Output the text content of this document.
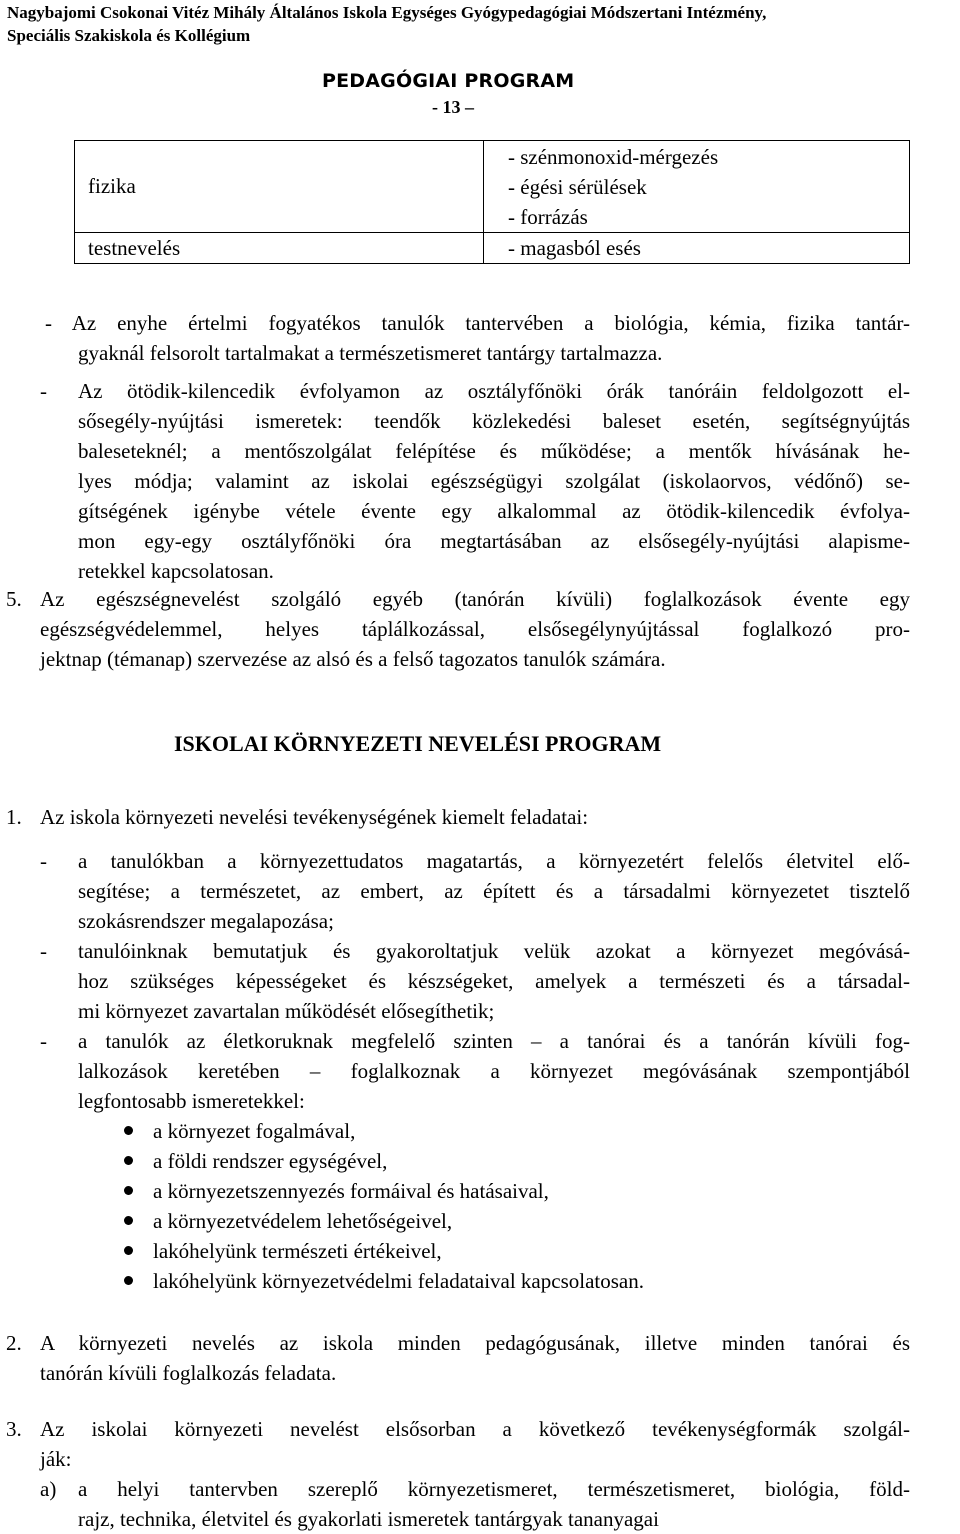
Nagybajomi Csokonai Vitéz Mihály Általános Iskola Egységes Gyógypedagógiai Módszertani Intézmény,
Speciális Szakiskola és Kollégium
PEDAGÓGIAI PROGRAM
- 13 –
fizika	- szénmonoxid-mérgezés
- égési sérülések
- forrázás

testnevelés	- magasból esés
- Az enyhe értelmi fogyatékos tanulók tantervében a biológia, kémia, fizika tantár-
gyaknál felsorolt tartalmakat a természetismeret tantárgy tartalmazza.
- Az ötödik-kilencedik évfolyamon az osztályfőnöki órák tanóráin feldolgozott el-
sősegély-nyújtási ismeretek: teendők közlekedési baleset esetén, segítségnyújtás
baleseteknél; a mentőszolgálat felépítése és működése; a mentők hívásának he-
lyes módja; valamint az iskolai egészségügyi szolgálat (iskolaorvos, védőnő) se-
gítségének igénybe vétele évente egy alkalommal az ötödik-kilencedik évfolya-
mon egy-egy osztályfőnöki óra megtartásában az elsősegély-nyújtási alapisme-
retekkel kapcsolatosan.
5. Az egészségnevelést szolgáló egyéb (tanórán kívüli) foglalkozások évente egy
egészségvédelemmel, helyes táplálkozással, elsősegélynyújtással foglalkozó pro-
jektnap (témanap) szervezése az alsó és a felső tagozatos tanulók számára.
ISKOLAI KÖRNYEZETI NEVELÉSI PROGRAM
1. Az iskola környezeti nevelési tevékenységének kiemelt feladatai:
- a tanulókban a környezettudatos magatartás, a környezetért felelős életvitel elő-
segítése; a természetet, az embert, az épített és a társadalmi környezetet tisztelő
szokásrendszer megalapozása;
- tanulóinknak bemutatjuk és gyakoroltatjuk velük azokat a környezet megóvásá-
hoz szükséges képességeket és készségeket, amelyek a természeti és a társadal-
mi környezet zavartalan működését elősegíthetik;
- a tanulók az életkoruknak megfelelő szinten – a tanórai és a tanórán kívüli fog-
lalkozások keretében – foglalkoznak a környezet megóvásának szempontjából
legfontosabb ismeretekkel:
a környezet fogalmával,
a földi rendszer egységével,
a környezetszennyezés formáival és hatásaival,
a környezetvédelem lehetőségeivel,
lakóhelyünk természeti értékeivel,
lakóhelyünk környezetvédelmi feladataival kapcsolatosan.
2. A környezeti nevelés az iskola minden pedagógusának, illetve minden tanórai és
tanórán kívüli foglalkozás feladata.
3. Az iskolai környezeti nevelést elsősorban a következő tevékenységformák szolgál-
ják:
a) a helyi tantervben szereplő környezetismeret, természetismeret, biológia, föld-
rajz, technika, életvitel és gyakorlati ismeretek tantárgyak tananyagai
